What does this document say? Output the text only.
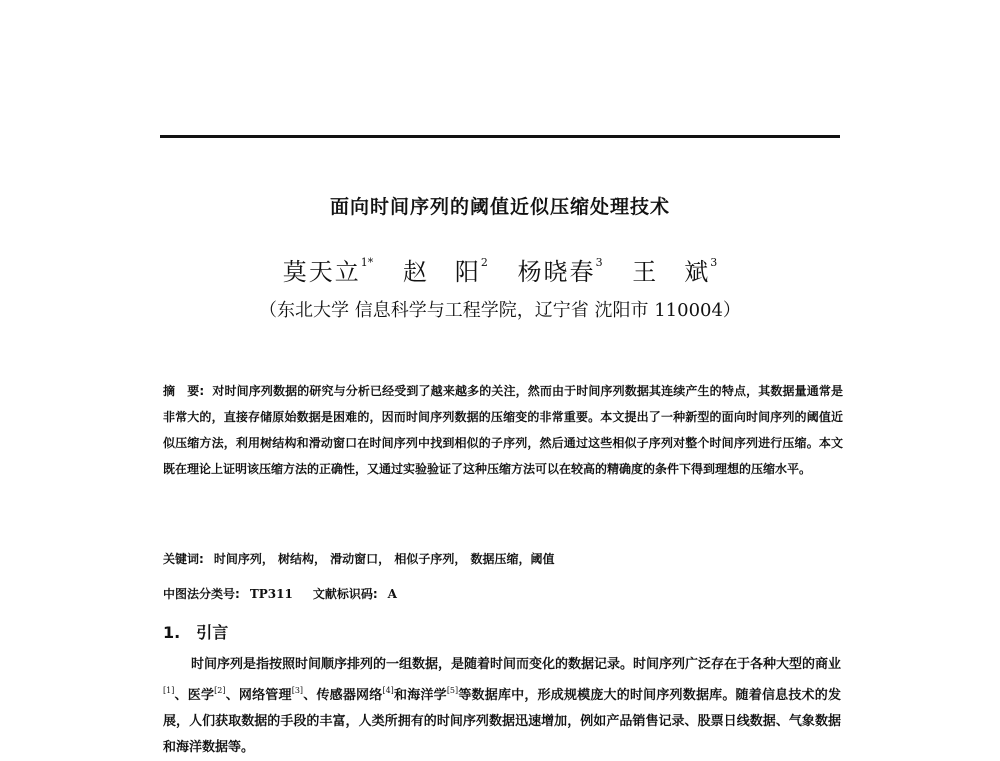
面向时间序列的阈值近似压缩处理技术
莫天立$^{1*}$ 赵　阳$^2$ 杨晓春$^3$ 王　斌$^3$
（东北大学 信息科学与工程学院，辽宁省 沈阳市 110004）
摘　要: 对时间序列数据的研究与分析已经受到了越来越多的关注，然而由于时间序列数据其连续产生的特点，其数据量通常是非常大的，直接存储原始数据是困难的，因而时间序列数据的压缩变的非常重要。本文提出了一种新型的面向时间序列的阈值近似压缩方法，利用树结构和滑动窗口在时间序列中找到相似的子序列，然后通过这些相似子序列对整个时间序列进行压缩。本文既在理论上证明该压缩方法的正确性，又通过实验验证了这种压缩方法可以在较高的精确度的条件下得到理想的压缩水平。
关键词: 时间序列， 树结构， 滑动窗口， 相似子序列， 数据压缩，阈值
中图法分类号: TP311 文献标识码: A
1. 引言
时间序列是指按照时间顺序排列的一组数据，是随着时间而变化的数据记录。时间序列广泛存在于各种大型的商业[1]、医学[2]、网络管理[3]、传感器网络[4]和海洋学[5]等数据库中，形成规模庞大的时间序列数据库。随着信息技术的发展，人们获取数据的手段的丰富，人类所拥有的时间序列数据迅速增加，例如产品销售记录、股票日线数据、气象数据和海洋数据等。
